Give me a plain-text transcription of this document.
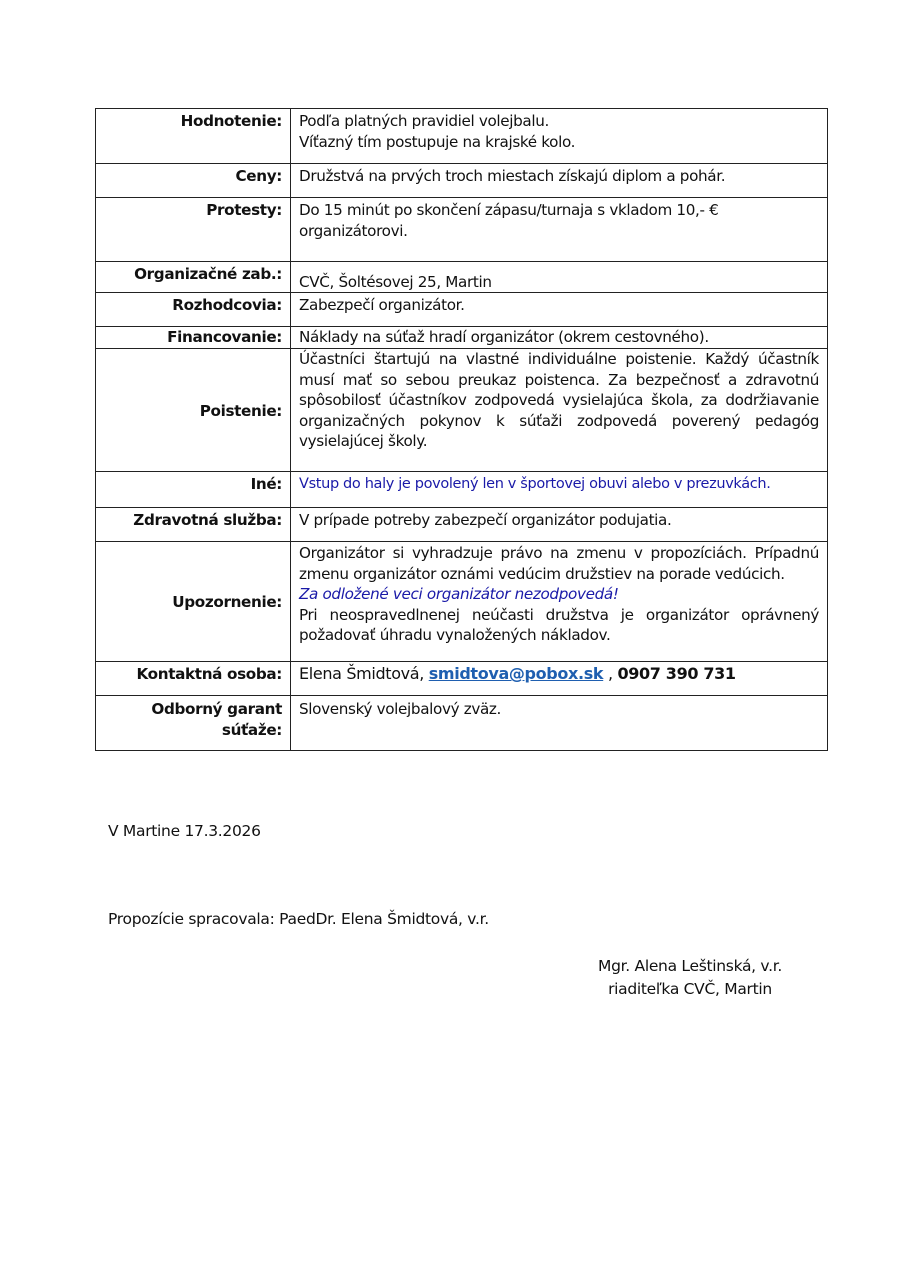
Hodnotenie:	Podľa platných pravidiel volejbalu.
Víťazný tím postupuje na krajské kolo.

Ceny:	Družstvá na prvých troch miestach získajú diplom a pohár.
Protesty:	Do 15 minút po skončení zápasu/turnaja s vkladom 10,- € organizátorovi.
Organizačné zab.:	CVČ, Šoltésovej 25, Martin
Rozhodcovia:	Zabezpečí organizátor.
Financovanie:	Náklady na súťaž hradí organizátor (okrem cestovného).
Poistenie:	Účastníci štartujú na vlastné individuálne poistenie. Každý účastník musí mať so sebou preukaz poistenca. Za bezpečnosť a zdravotnú spôsobilosť účastníkov zodpovedá vysielajúca škola, za dodržiavanie organizačných pokynov k súťaži zodpovedá poverený pedagóg vysielajúcej školy.
Iné:	Vstup do haly je povolený len v športovej obuvi alebo v prezuvkách.
Zdravotná služba:	V prípade potreby zabezpečí organizátor podujatia.
Upozornenie:	Organizátor si vyhradzuje právo na zmenu v propozíciách. Prípadnú zmenu organizátor oznámi vedúcim družstiev na porade vedúcich.
Za odložené veci organizátor nezodpovedá!
Pri neospravedlnenej neúčasti družstva je organizátor oprávnený požadovať úhradu vynaložených nákladov.

Kontaktná osoba:	Elena Šmidtová, smidtova@pobox.sk , 0907 390 731
Odborný garant súťaže:	Slovenský volejbalový zväz.
V Martine 17.3.2026
Propozície spracovala: PaedDr. Elena Šmidtová, v.r.
Mgr. Alena Leštinská, v.r.
riaditeľka CVČ, Martin
